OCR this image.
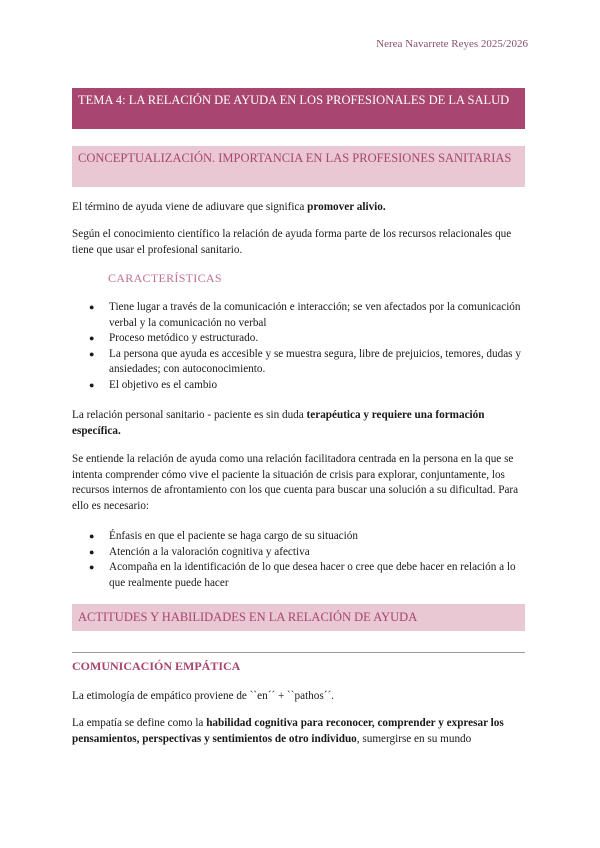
Nerea Navarrete Reyes 2025/2026
TEMA 4: LA RELACIÓN DE AYUDA EN LOS PROFESIONALES DE LA SALUD
CONCEPTUALIZACIÓN. IMPORTANCIA EN LAS PROFESIONES SANITARIAS

El término de ayuda viene de adiuvare que significa promover alivio.

Según el conocimiento científico la relación de ayuda forma parte de los recursos relacionales que tiene que usar el profesional sanitario.

CARACTERÍSTICAS
● Tiene lugar a través de la comunicación e interacción; se ven afectados por la comunicación verbal y la comunicación no verbal
● Proceso metódico y estructurado.
● La persona que ayuda es accesible y se muestra segura, libre de prejuicios, temores, dudas y ansiedades; con autoconocimiento.
● El objetivo es el cambio

La relación personal sanitario - paciente es sin duda terapéutica y requiere una formación específica.

Se entiende la relación de ayuda como una relación facilitadora centrada en la persona en la que se intenta comprender cómo vive el paciente la situación de crisis para explorar, conjuntamente, los recursos internos de afrontamiento con los que cuenta para buscar una solución a su dificultad. Para ello es necesario:

● Énfasis en que el paciente se haga cargo de su situación
● Atención a la valoración cognitiva y afectiva
● Acompaña en la identificación de lo que desea hacer o cree que debe hacer en relación a lo que realmente puede hacer
ACTITUDES Y HABILIDADES EN LA RELACIÓN DE AYUDA
COMUNICACIÓN EMPÁTICA

La etimología de empático proviene de ``en´´ + ``pathos´´.

La empatía se define como la habilidad cognitiva para reconocer, comprender y expresar los pensamientos, perspectivas y sentimientos de otro individuo, sumergirse en su mundo
